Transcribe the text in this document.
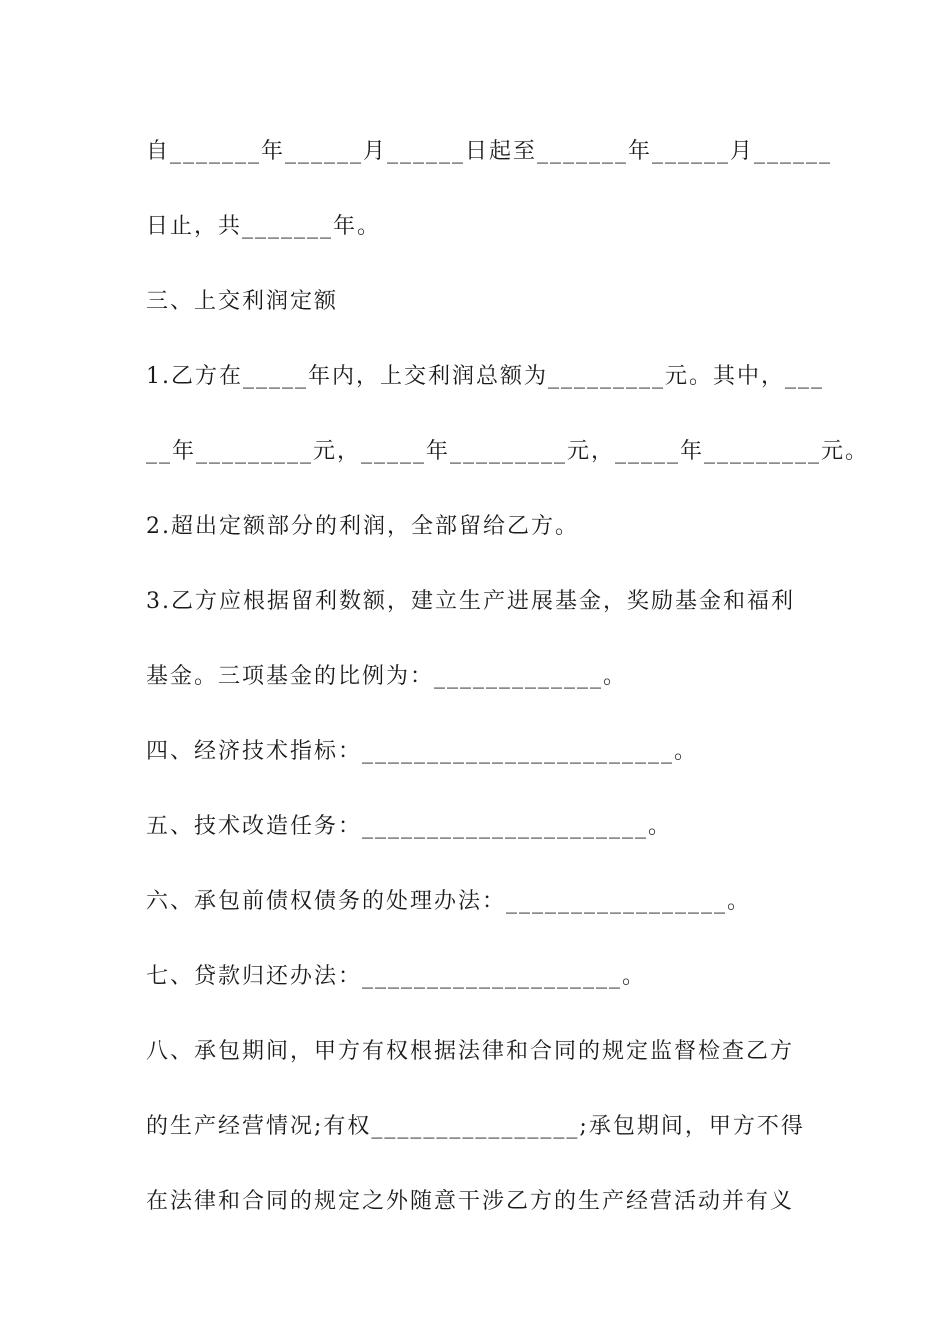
自_______年______月______日起至_______年______月______
日止，共_______年。
三、上交利润定额
1.乙方在_____年内，上交利润总额为_________元。其中，___
__年_________元，_____年_________元，_____年_________元。
2.超出定额部分的利润，全部留给乙方。
3.乙方应根据留利数额，建立生产进展基金，奖励基金和福利
基金。三项基金的比例为：_____________。
四、经济技术指标：________________________。
五、技术改造任务：______________________。
六、承包前债权债务的处理办法：_________________。
七、贷款归还办法：____________________。
八、承包期间，甲方有权根据法律和合同的规定监督检查乙方
的生产经营情况;有权________________;承包期间，甲方不得
在法律和合同的规定之外随意干涉乙方的生产经营活动并有义
